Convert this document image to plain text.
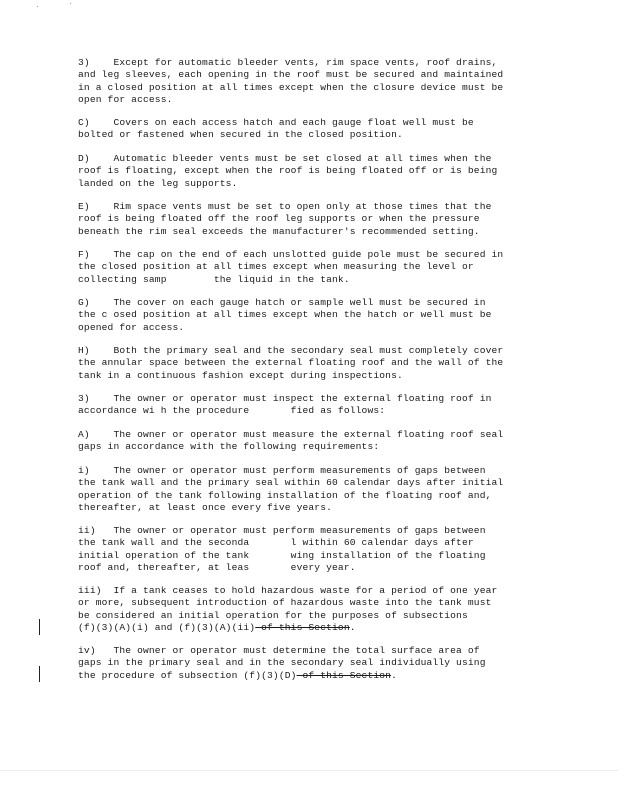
3)    Except for automatic bleeder vents, rim space vents, roof drains,
and leg sleeves, each opening in the roof must be secured and maintained
in a closed position at all times except when the closure device must be
open for access.
C)    Covers on each access hatch and each gauge float well must be
bolted or fastened when secured in the closed position.
D)    Automatic bleeder vents must be set closed at all times when the
roof is floating, except when the roof is being floated off or is being
landed on the leg supports.
E)    Rim space vents must be set to open only at those times that the
roof is being floated off the roof leg supports or when the pressure
beneath the rim seal exceeds the manufacturer's recommended setting.
F)    The cap on the end of each unslotted guide pole must be secured in
the closed position at all times except when measuring the level or
collecting samp        the liquid in the tank.
G)    The cover on each gauge hatch or sample well must be secured in
the c osed position at all times except when the hatch or well must be
opened for access.
H)    Both the primary seal and the secondary seal must completely cover
the annular space between the external floating roof and the wall of the
tank in a continuous fashion except during inspections.
3)    The owner or operator must inspect the external floating roof in
accordance wi h the procedure       fied as follows:
A)    The owner or operator must measure the external floating roof seal
gaps in accordance with the following requirements:
i)    The owner or operator must perform measurements of gaps between
the tank wall and the primary seal within 60 calendar days after initial
operation of the tank following installation of the floating roof and,
thereafter, at least once every five years.
ii)   The owner or operator must perform measurements of gaps between
the tank wall and the seconda       l within 60 calendar days after
initial operation of the tank       wing installation of the floating
roof and, thereafter, at leas       every year.
iii)  If a tank ceases to hold hazardous waste for a period of one year
or more, subsequent introduction of hazardous waste into the tank must
be considered an initial operation for the purposes of subsections
(f)(3)(A)(i) and (f)(3)(A)(ii) of this Section.
iv)   The owner or operator must determine the total surface area of
gaps in the primary seal and in the secondary seal individually using
the procedure of subsection (f)(3)(D) of this Section.
